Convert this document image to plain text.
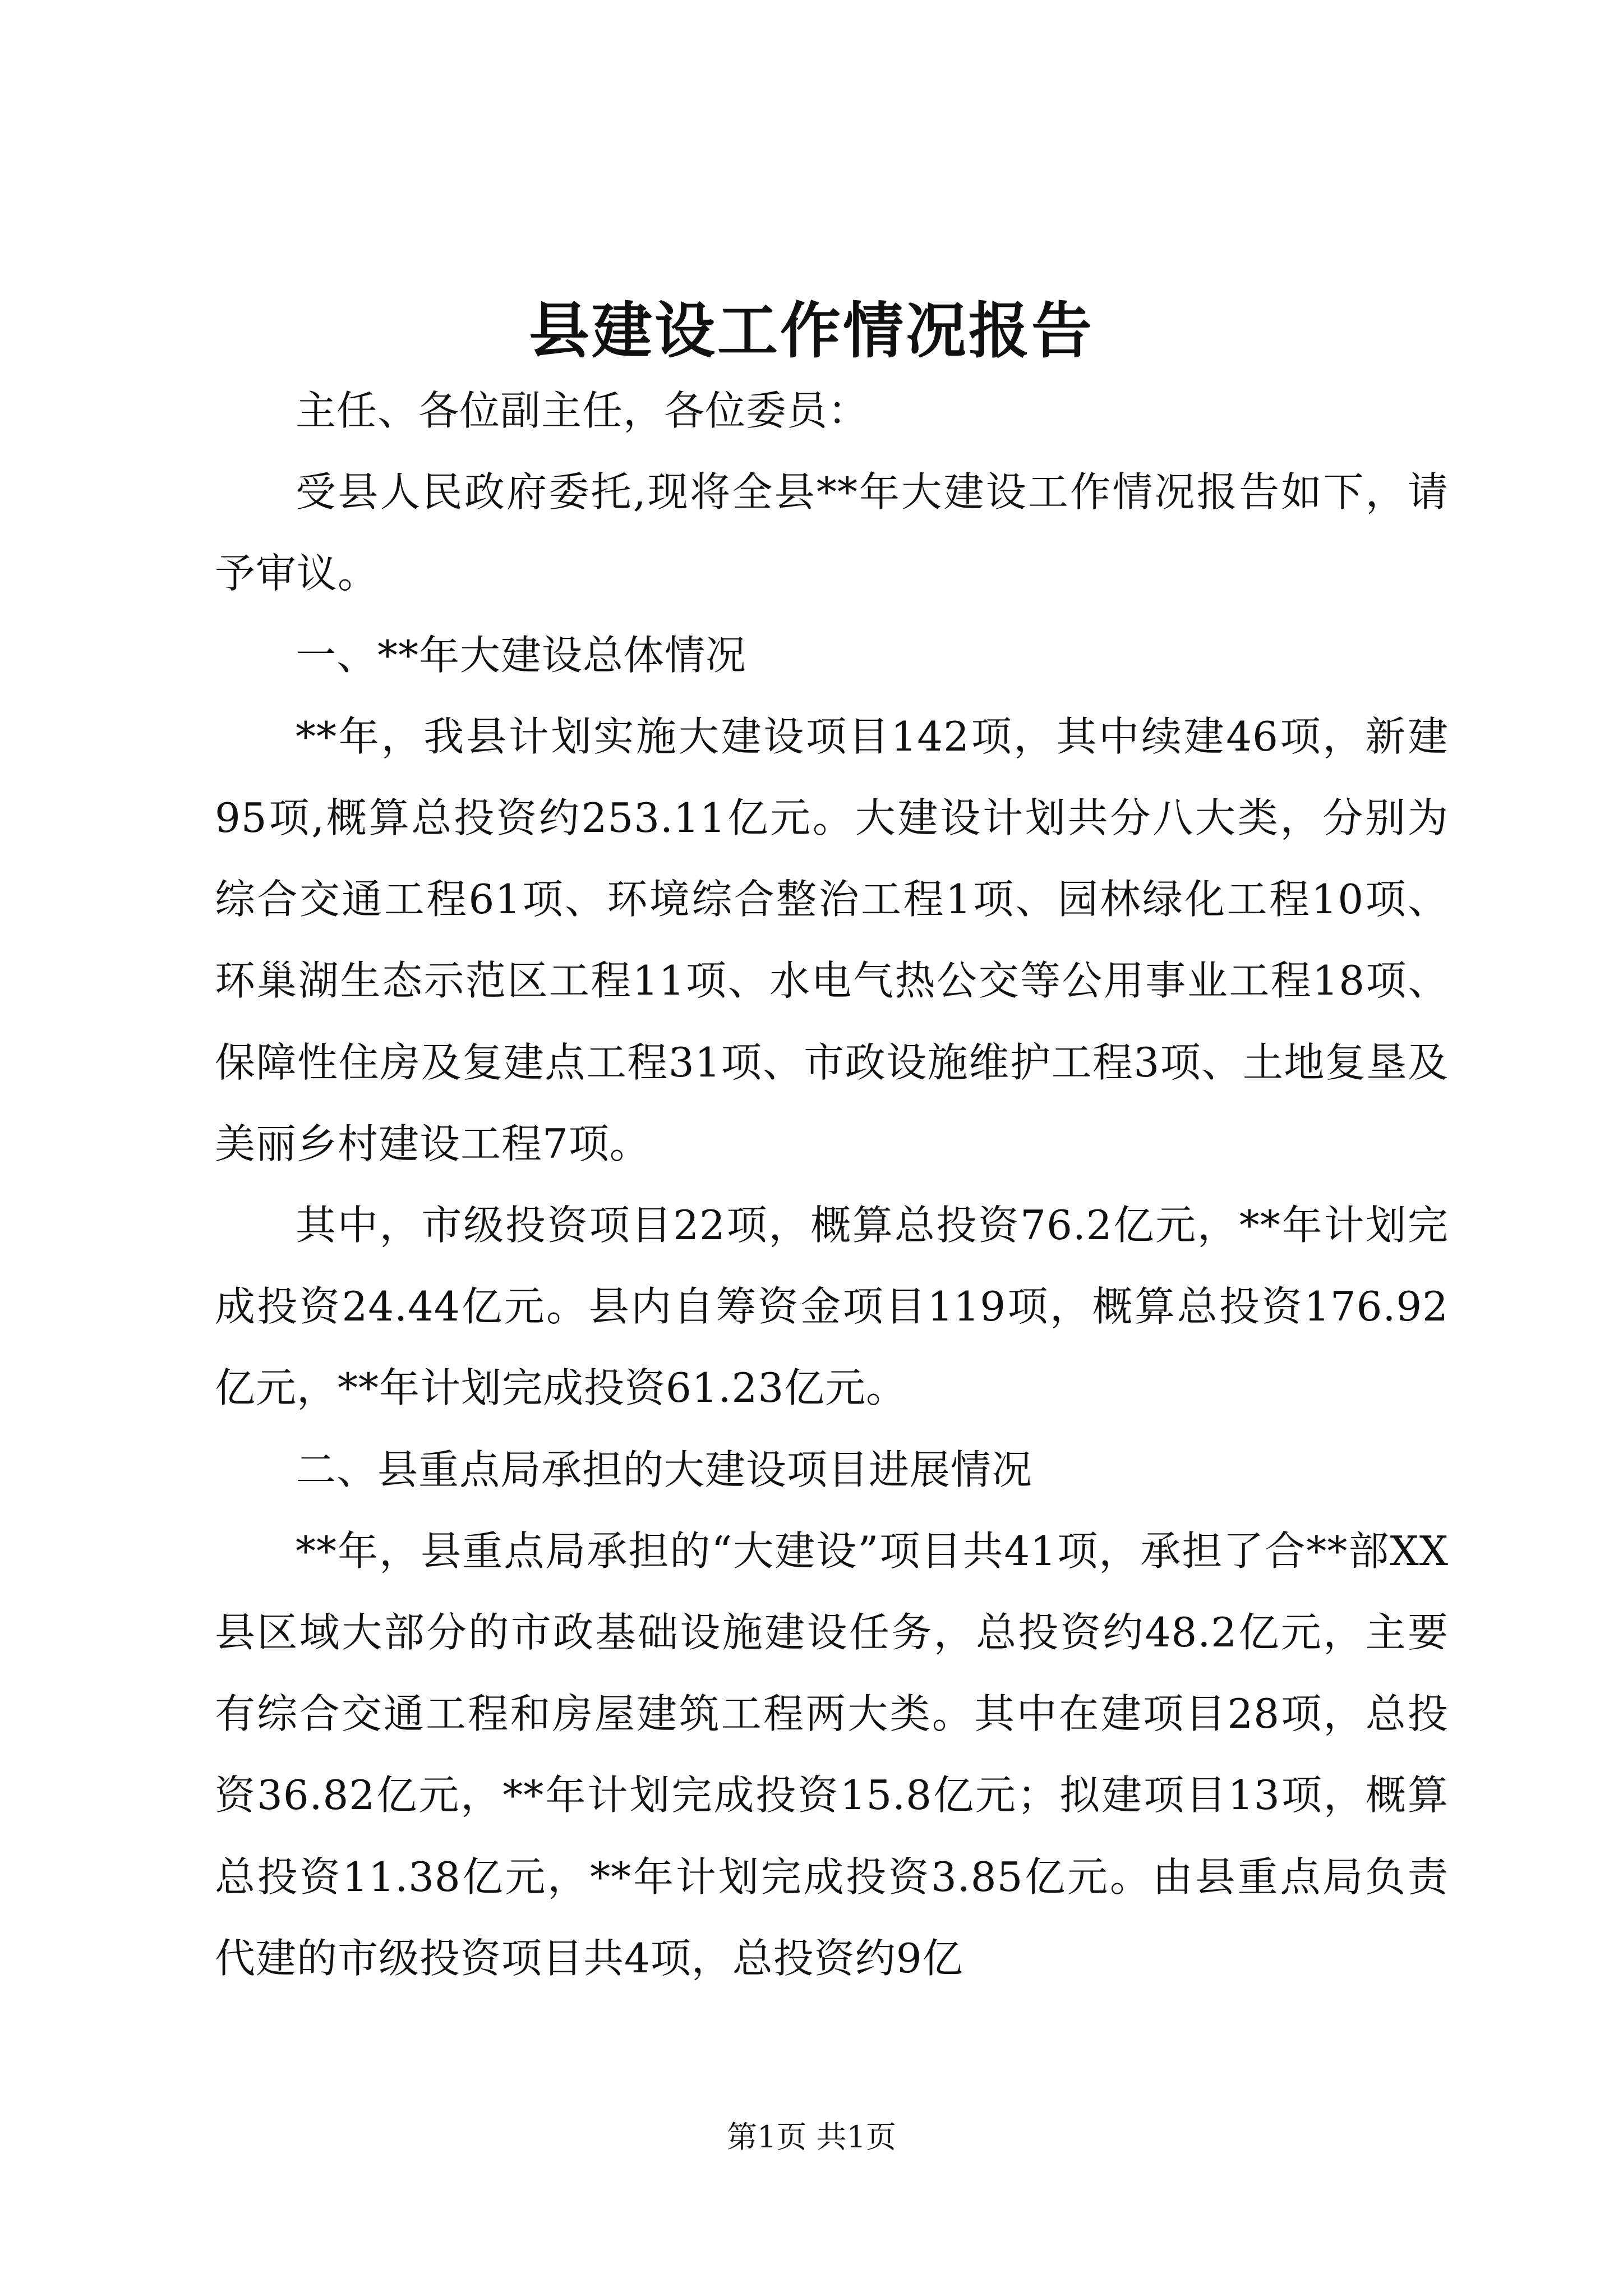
县建设工作情况报告

主任、各位副主任，各位委员：

受县人民政府委托,现将全县**年大建设工作情况报告如下，请予审议。

一、**年大建设总体情况

**年，我县计划实施大建设项目142项，其中续建46项，新建95项,概算总投资约253.11亿元。大建设计划共分八大类，分别为综合交通工程61项、环境综合整治工程1项、园林绿化工程10项、环巢湖生态示范区工程11项、水电气热公交等公用事业工程18项、保障性住房及复建点工程31项、市政设施维护工程3项、土地复垦及美丽乡村建设工程7项。

其中，市级投资项目22项，概算总投资76.2亿元，**年计划完成投资24.44亿元。县内自筹资金项目119项，概算总投资176.92亿元，**年计划完成投资61.23亿元。

二、县重点局承担的大建设项目进展情况

**年，县重点局承担的“大建设”项目共41项，承担了合**部XX县区域大部分的市政基础设施建设任务，总投资约48.2亿元，主要有综合交通工程和房屋建筑工程两大类。其中在建项目28项，总投资36.82亿元，**年计划完成投资15.8亿元；拟建项目13项，概算总投资11.38亿元，**年计划完成投资3.85亿元。由县重点局负责代建的市级投资项目共4项，总投资约9亿

第1页 共1页
